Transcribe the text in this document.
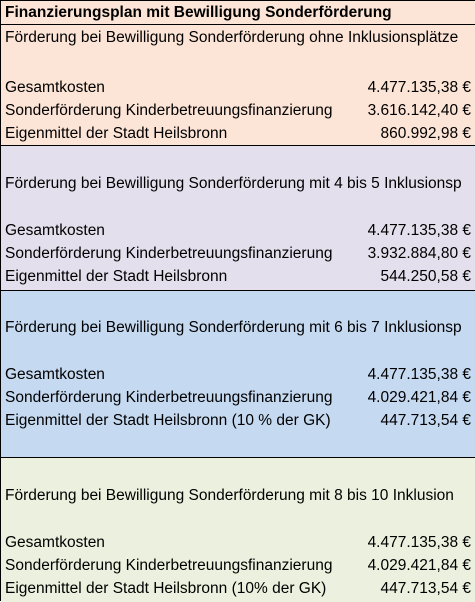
Finanzierungsplan mit Bewilligung Sonderförderung
Förderung bei Bewilligung Sonderförderung ohne Inklusionsplätze
Gesamtkosten	4.477.135,38 €
Sonderförderung Kinderbetreuungsfinanzierung 3.616.142,40 €
Eigenmittel der Stadt Heilsbronn	860.992,98 €
Förderung bei Bewilligung Sonderförderung mit 4 bis 5 Inklusionsp
Gesamtkosten	4.477.135,38 €
Sonderförderung Kinderbetreuungsfinanzierung 3.932.884,80 €
Eigenmittel der Stadt Heilsbronn	544.250,58 €
Förderung bei Bewilligung Sonderförderung mit 6 bis 7 Inklusionsp
Gesamtkosten	4.477.135,38 €
Sonderförderung Kinderbetreuungsfinanzierung 4.029.421,84 €
Eigenmittel der Stadt Heilsbronn (10 % der GK)	447.713,54 €
Förderung bei Bewilligung Sonderförderung mit 8 bis 10 Inklusion
Gesamtkosten	4.477.135,38 €
Sonderförderung Kinderbetreuungsfinanzierung 4.029.421,84 €
Eigenmittel der Stadt Heilsbronn (10% der GK)	447.713,54 €
